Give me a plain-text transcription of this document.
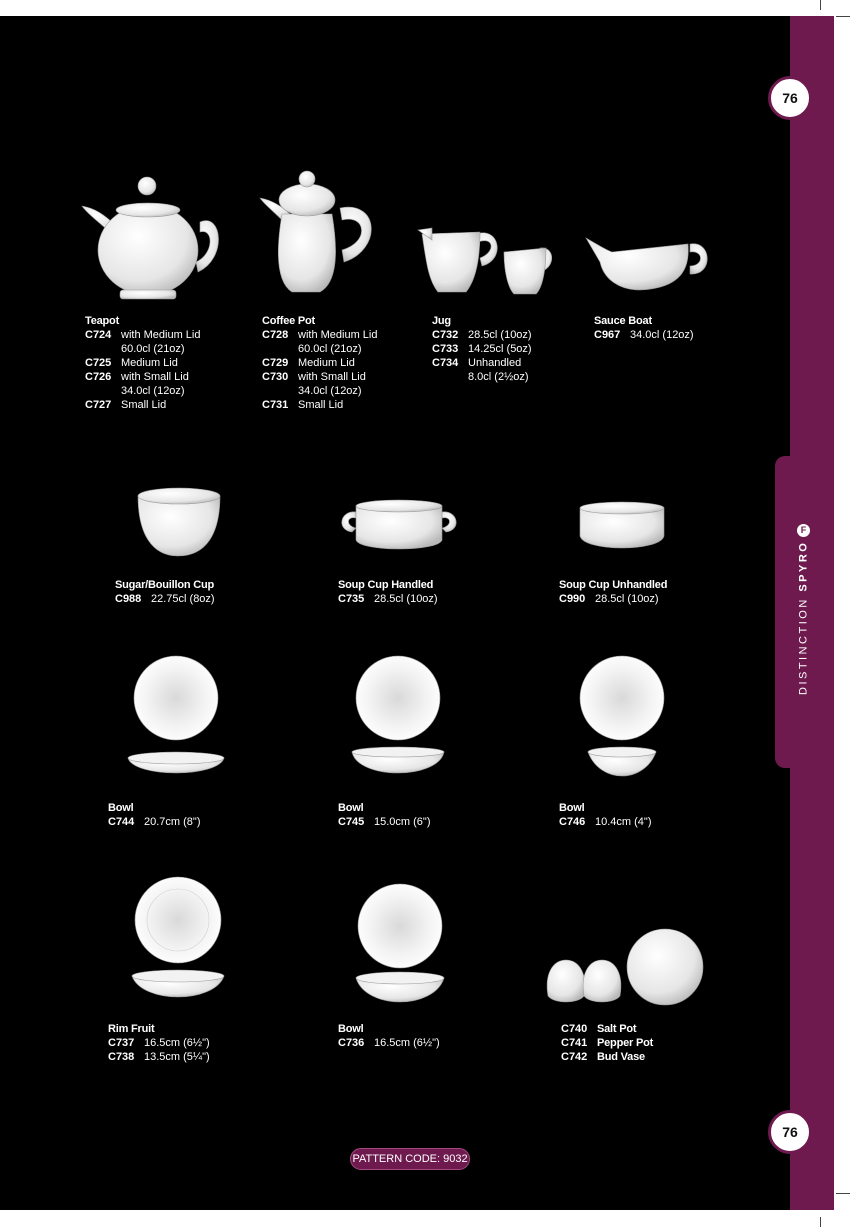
76
76
DISTINCTION SPYROF
Teapot
C724 with Medium Lid
60.0cl (21oz)
C725 Medium Lid
C726 with Small Lid
34.0cl (12oz)
C727 Small Lid
Coffee Pot
C728 with Medium Lid
60.0cl (21oz)
C729 Medium Lid
C730 with Small Lid
34.0cl (12oz)
C731 Small Lid
Jug
C732 28.5cl (10oz)
C733 14.25cl (5oz)
C734 Unhandled
8.0cl (2½oz)
Sauce Boat
C967 34.0cl (12oz)
Sugar/Bouillon Cup
C988 22.75cl (8oz)
Soup Cup Handled
C735 28.5cl (10oz)
Soup Cup Unhandled
C990 28.5cl (10oz)
Bowl
C744 20.7cm (8")
Bowl
C745 15.0cm (6")
Bowl
C746 10.4cm (4")
Rim Fruit
C737 16.5cm (6½")
C738 13.5cm (5¼")
Bowl
C736 16.5cm (6½")
C740 Salt Pot
C741 Pepper Pot
C742 Bud Vase
PATTERN CODE: 9032
